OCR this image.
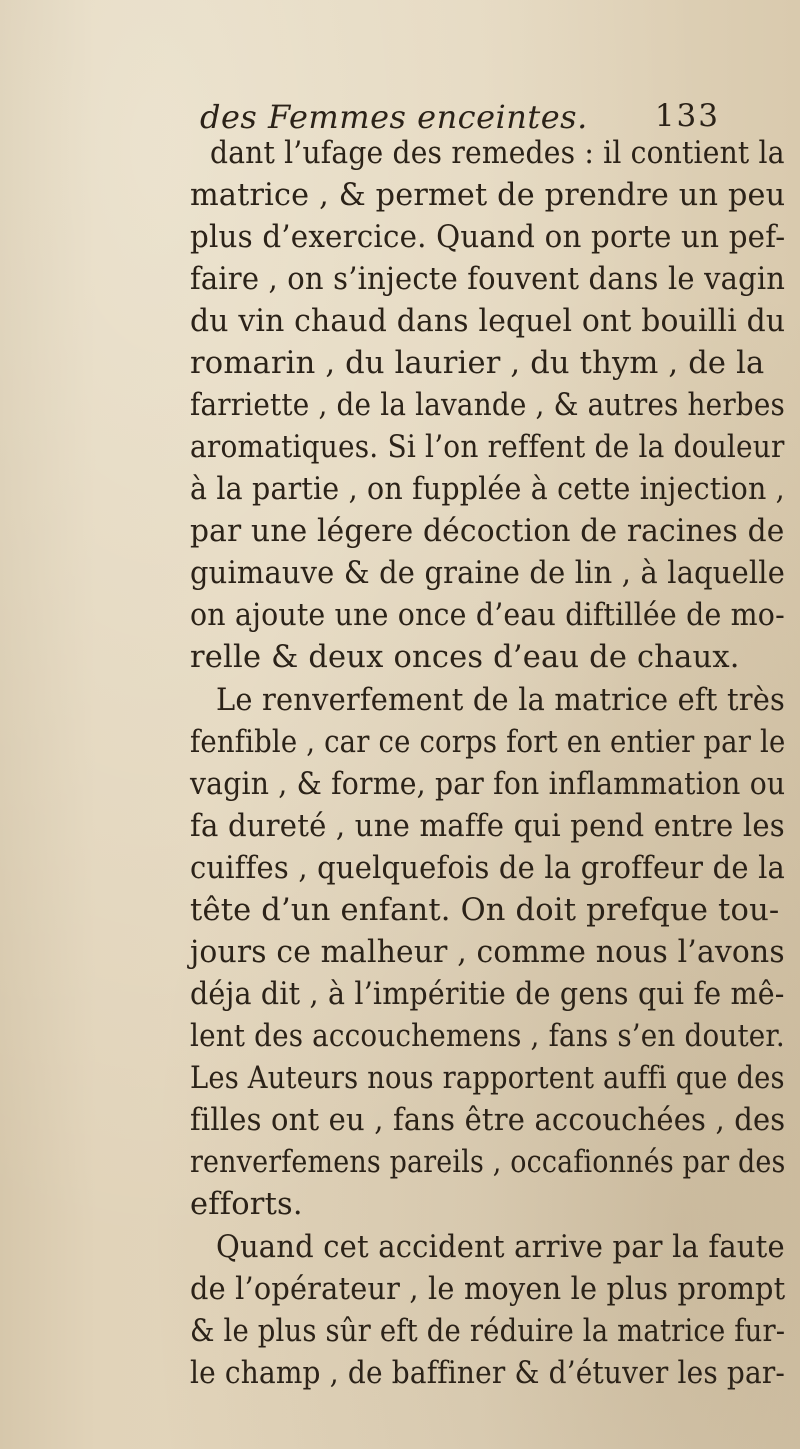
des Femmes enceintes. 133
dant l’ufage des remedes : il contient la
matrice , & permet de prendre un peu
plus d’exercice. Quand on porte un pef-
faire , on s’injecte fouvent dans le vagin
du vin chaud dans lequel ont bouilli du
romarin , du laurier , du thym , de la
farriette , de la lavande , & autres herbes
aromatiques. Si l’on reffent de la douleur
à la partie , on fupplée à cette injection ,
par une légere décoction de racines de
guimauve & de graine de lin , à laquelle
on ajoute une once d’eau diftillée de mo-
relle & deux onces d’eau de chaux.
Le renverfement de la matrice eft très
fenfible , car ce corps fort en entier par le
vagin , & forme, par fon inflammation ou
fa dureté , une maffe qui pend entre les
cuiffes , quelquefois de la groffeur de la
tête d’un enfant. On doit prefque tou-
jours ce malheur , comme nous l’avons
déja dit , à l’impéritie de gens qui fe mê-
lent des accouchemens , fans s’en douter.
Les Auteurs nous rapportent auffi que des
filles ont eu , fans être accouchées , des
renverfemens pareils , occafionnés par des
efforts.
Quand cet accident arrive par la faute
de l’opérateur , le moyen le plus prompt
& le plus sûr eft de réduire la matrice fur-
le champ , de baffiner & d’étuver les par-
